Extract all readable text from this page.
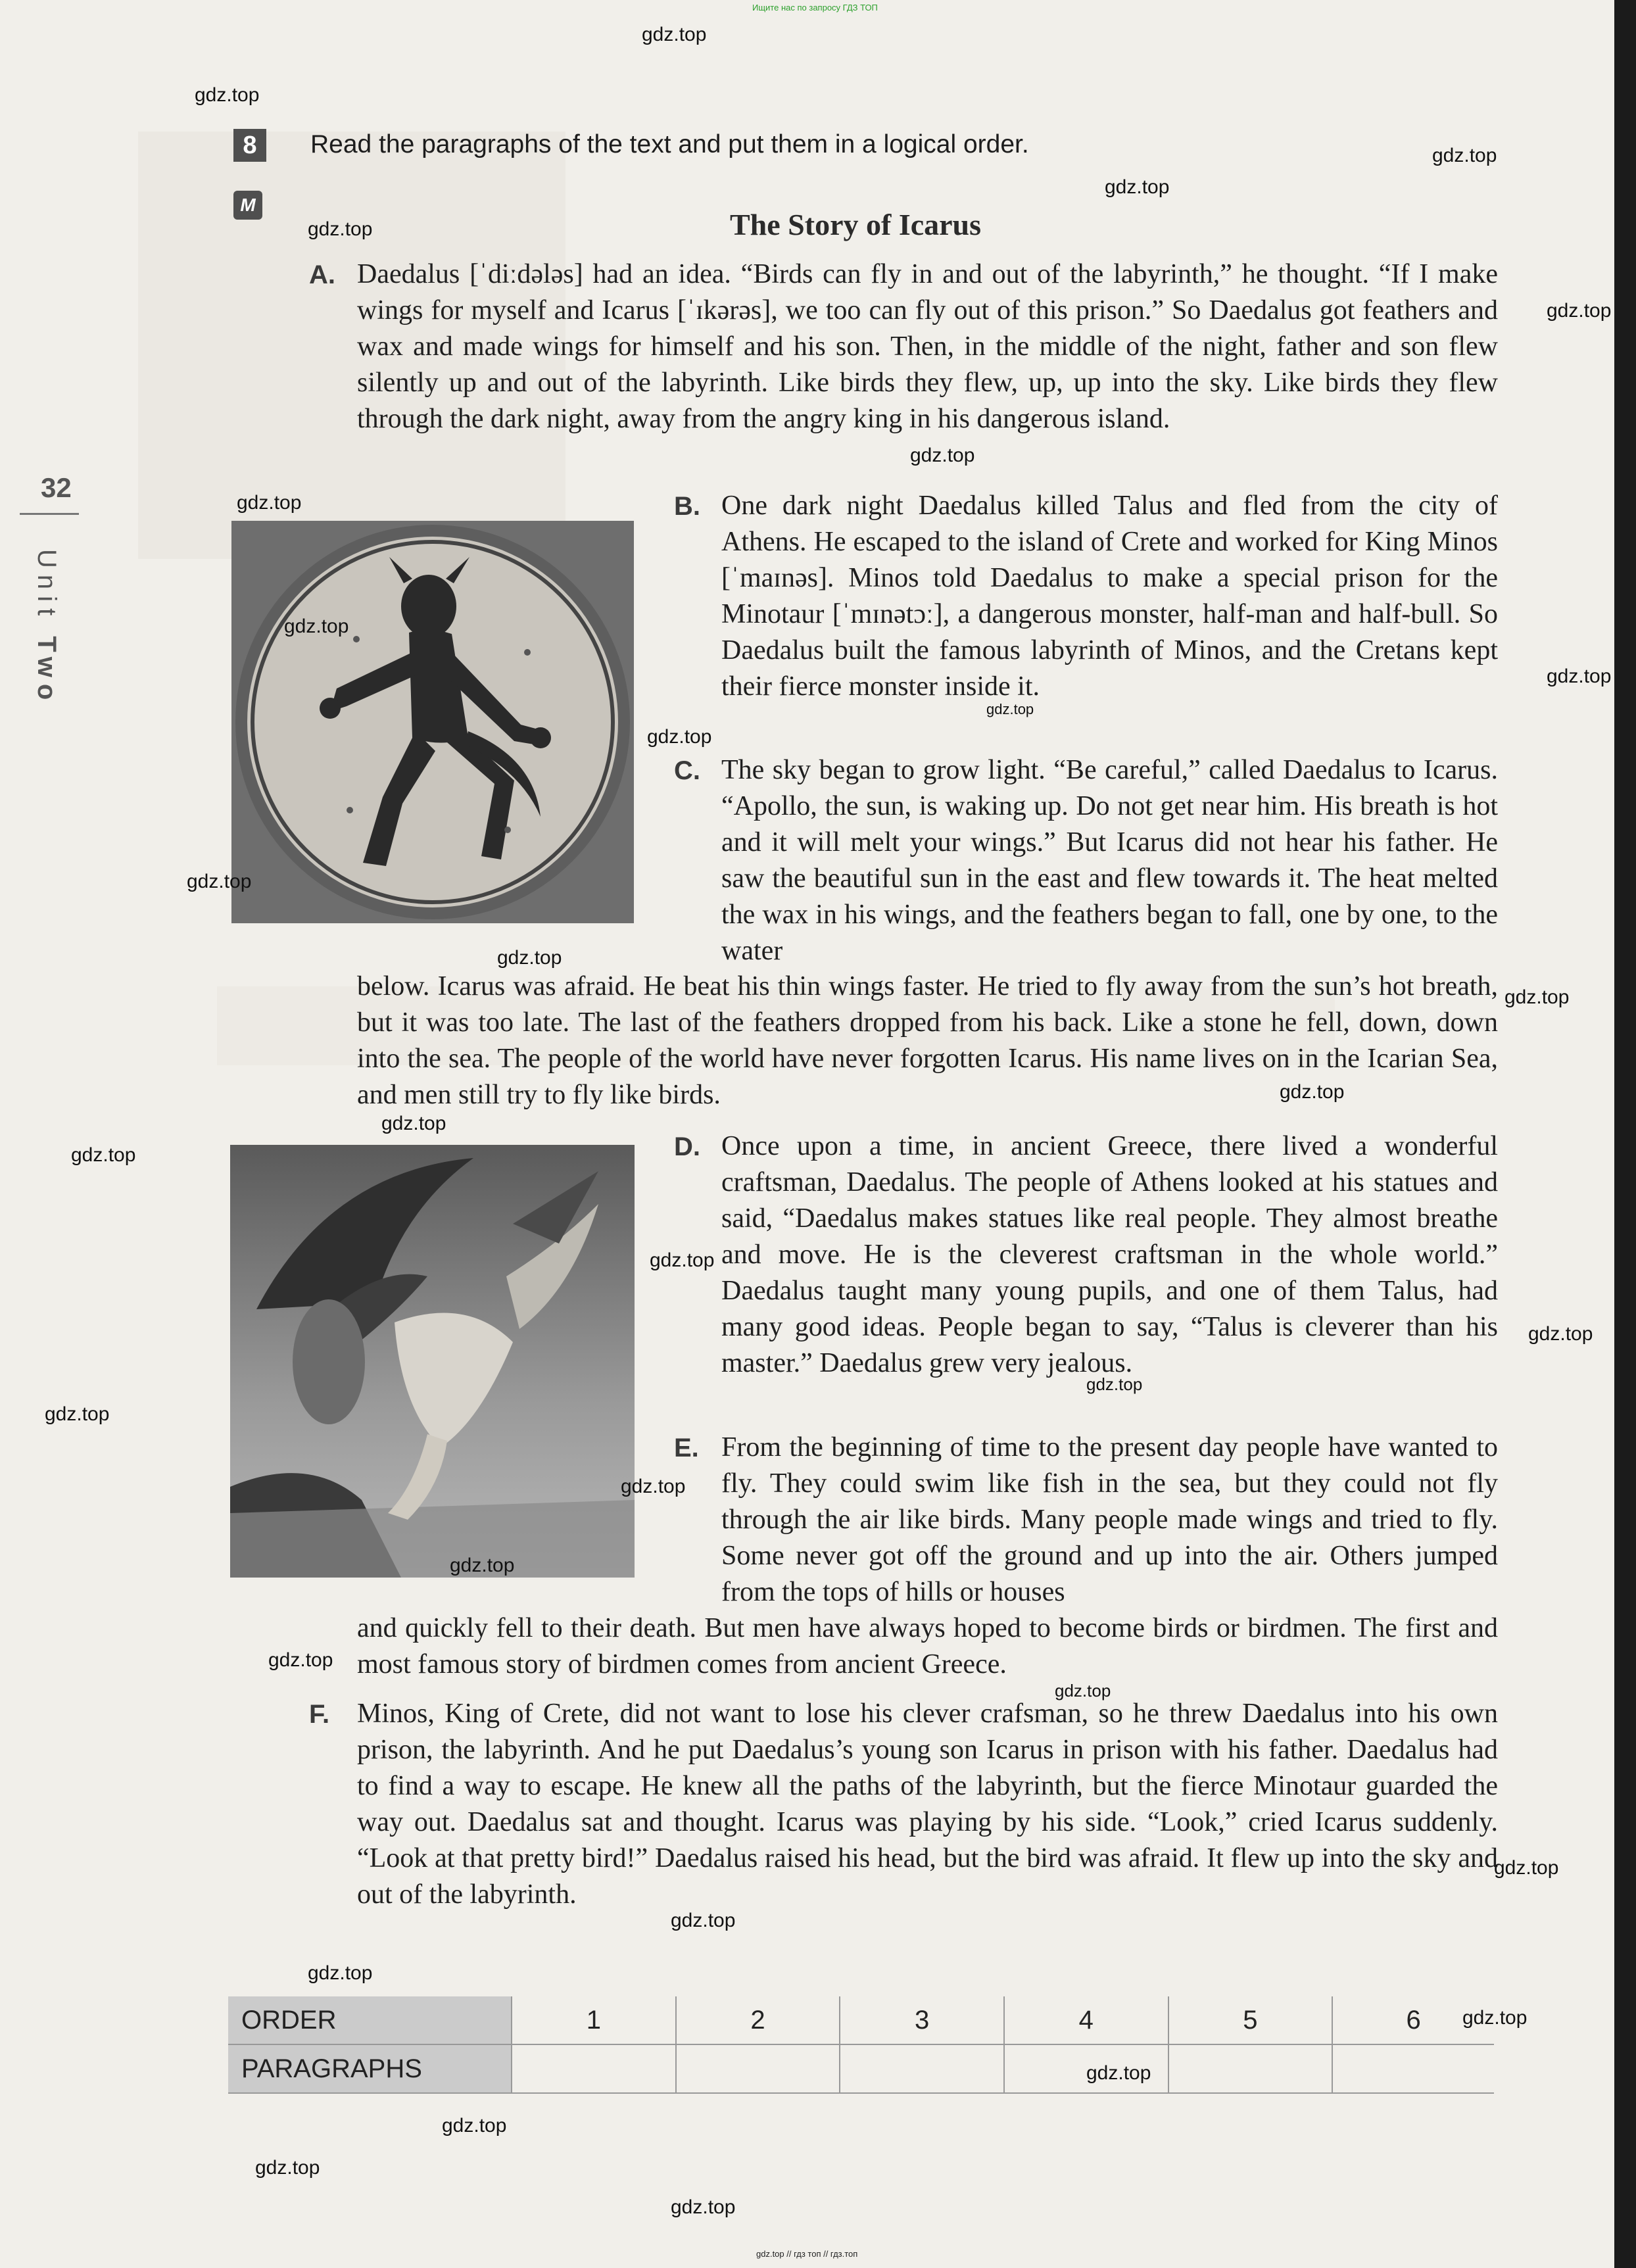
Ищите нас по запросу ГДЗ ТОП
32
Unit Two
8	Read the paragraphs of the text and put them in a logical order.
M
The Story of Icarus
A. Daedalus [ˈdiːdələs] had an idea. “Birds can fly in and out of the labyrinth,” he thought. “If I make wings for myself and Icarus [ˈɪkərəs], we too can fly out of this prison.” So Daedalus got feathers and wax and made wings for himself and his son. Then, in the middle of the night, father and son flew silently up and out of the labyrinth. Like birds they flew, up, up into the sky. Like birds they flew through the dark night, away from the angry king in his dangerous island.
B. One dark night Daedalus killed Talus and fled from the city of Athens. He escaped to the island of Crete and worked for King Minos [ˈmaɪnəs]. Minos told Daedalus to make a special prison for the Minotaur [ˈmɪnətɔː], a dangerous monster, half-man and half-bull. So Daedalus built the famous labyrinth of Minos, and the Cretans kept their fierce monster inside it.
C. The sky began to grow light. “Be careful,” called Daedalus to Icarus. “Apollo, the sun, is waking up. Do not get near him. His breath is hot and it will melt your wings.” But Icarus did not hear his father. He saw the beautiful sun in the east and flew towards it. The heat melted the wax in his wings, and the feathers began to fall, one by one, to the water
below. Icarus was afraid. He beat his thin wings faster. He tried to fly away from the sun’s hot breath, but it was too late. The last of the feathers dropped from his back. Like a stone he fell, down, down into the sea. The people of the world have never forgotten Icarus. His name lives on in the Icarian Sea, and men still try to fly like birds.
D. Once upon a time, in ancient Greece, there lived a wonderful craftsman, Daedalus. The people of Athens looked at his statues and said, “Daedalus makes statues like real people. They almost breathe and move. He is the cleverest craftsman in the whole world.” Daedalus taught many young pupils, and one of them Talus, had many good ideas. People began to say, “Talus is cleverer than his master.” Daedalus grew very jealous.
E. From the beginning of time to the present day people have wanted to fly. They could swim like fish in the sea, but they could not fly through the air like birds. Many people made wings and tried to fly. Some never got off the ground and up into the air. Others jumped from the tops of hills or houses
and quickly fell to their death. But men have always hoped to become birds or birdmen. The first and most famous story of birdmen comes from ancient Greece.
F. Minos, King of Crete, did not want to lose his clever crafsman, so he threw Daedalus into his own prison, the labyrinth. And he put Daedalus’s young son Icarus in prison with his father. Daedalus had to find a way to escape. He knew all the paths of the labyrinth, but the fierce Minotaur guarded the way out. Daedalus sat and thought. Icarus was playing by his side. “Look,” cried Icarus suddenly. “Look at that pretty bird!” Daedalus raised his head, but the bird was afraid. It flew up into the sky and out of the labyrinth.
ORDER	1	2	3	4	5	6
PARAGRAPHS						
gdz.top
gdz.top
gdz.top
gdz.top
gdz.top
gdz.top
gdz.top
gdz.top
gdz.top
gdz.top
gdz.top
gdz.top
gdz.top
gdz.top
gdz.top
gdz.top
gdz.top
gdz.top
gdz.top
gdz.top
gdz.top
gdz.top
gdz.top
gdz.top
gdz.top
gdz.top
gdz.top
gdz.top
gdz.top
gdz.top
gdz.top
gdz.top
gdz.top
gdz.top
gdz.top // гдз топ // гдз.топ
